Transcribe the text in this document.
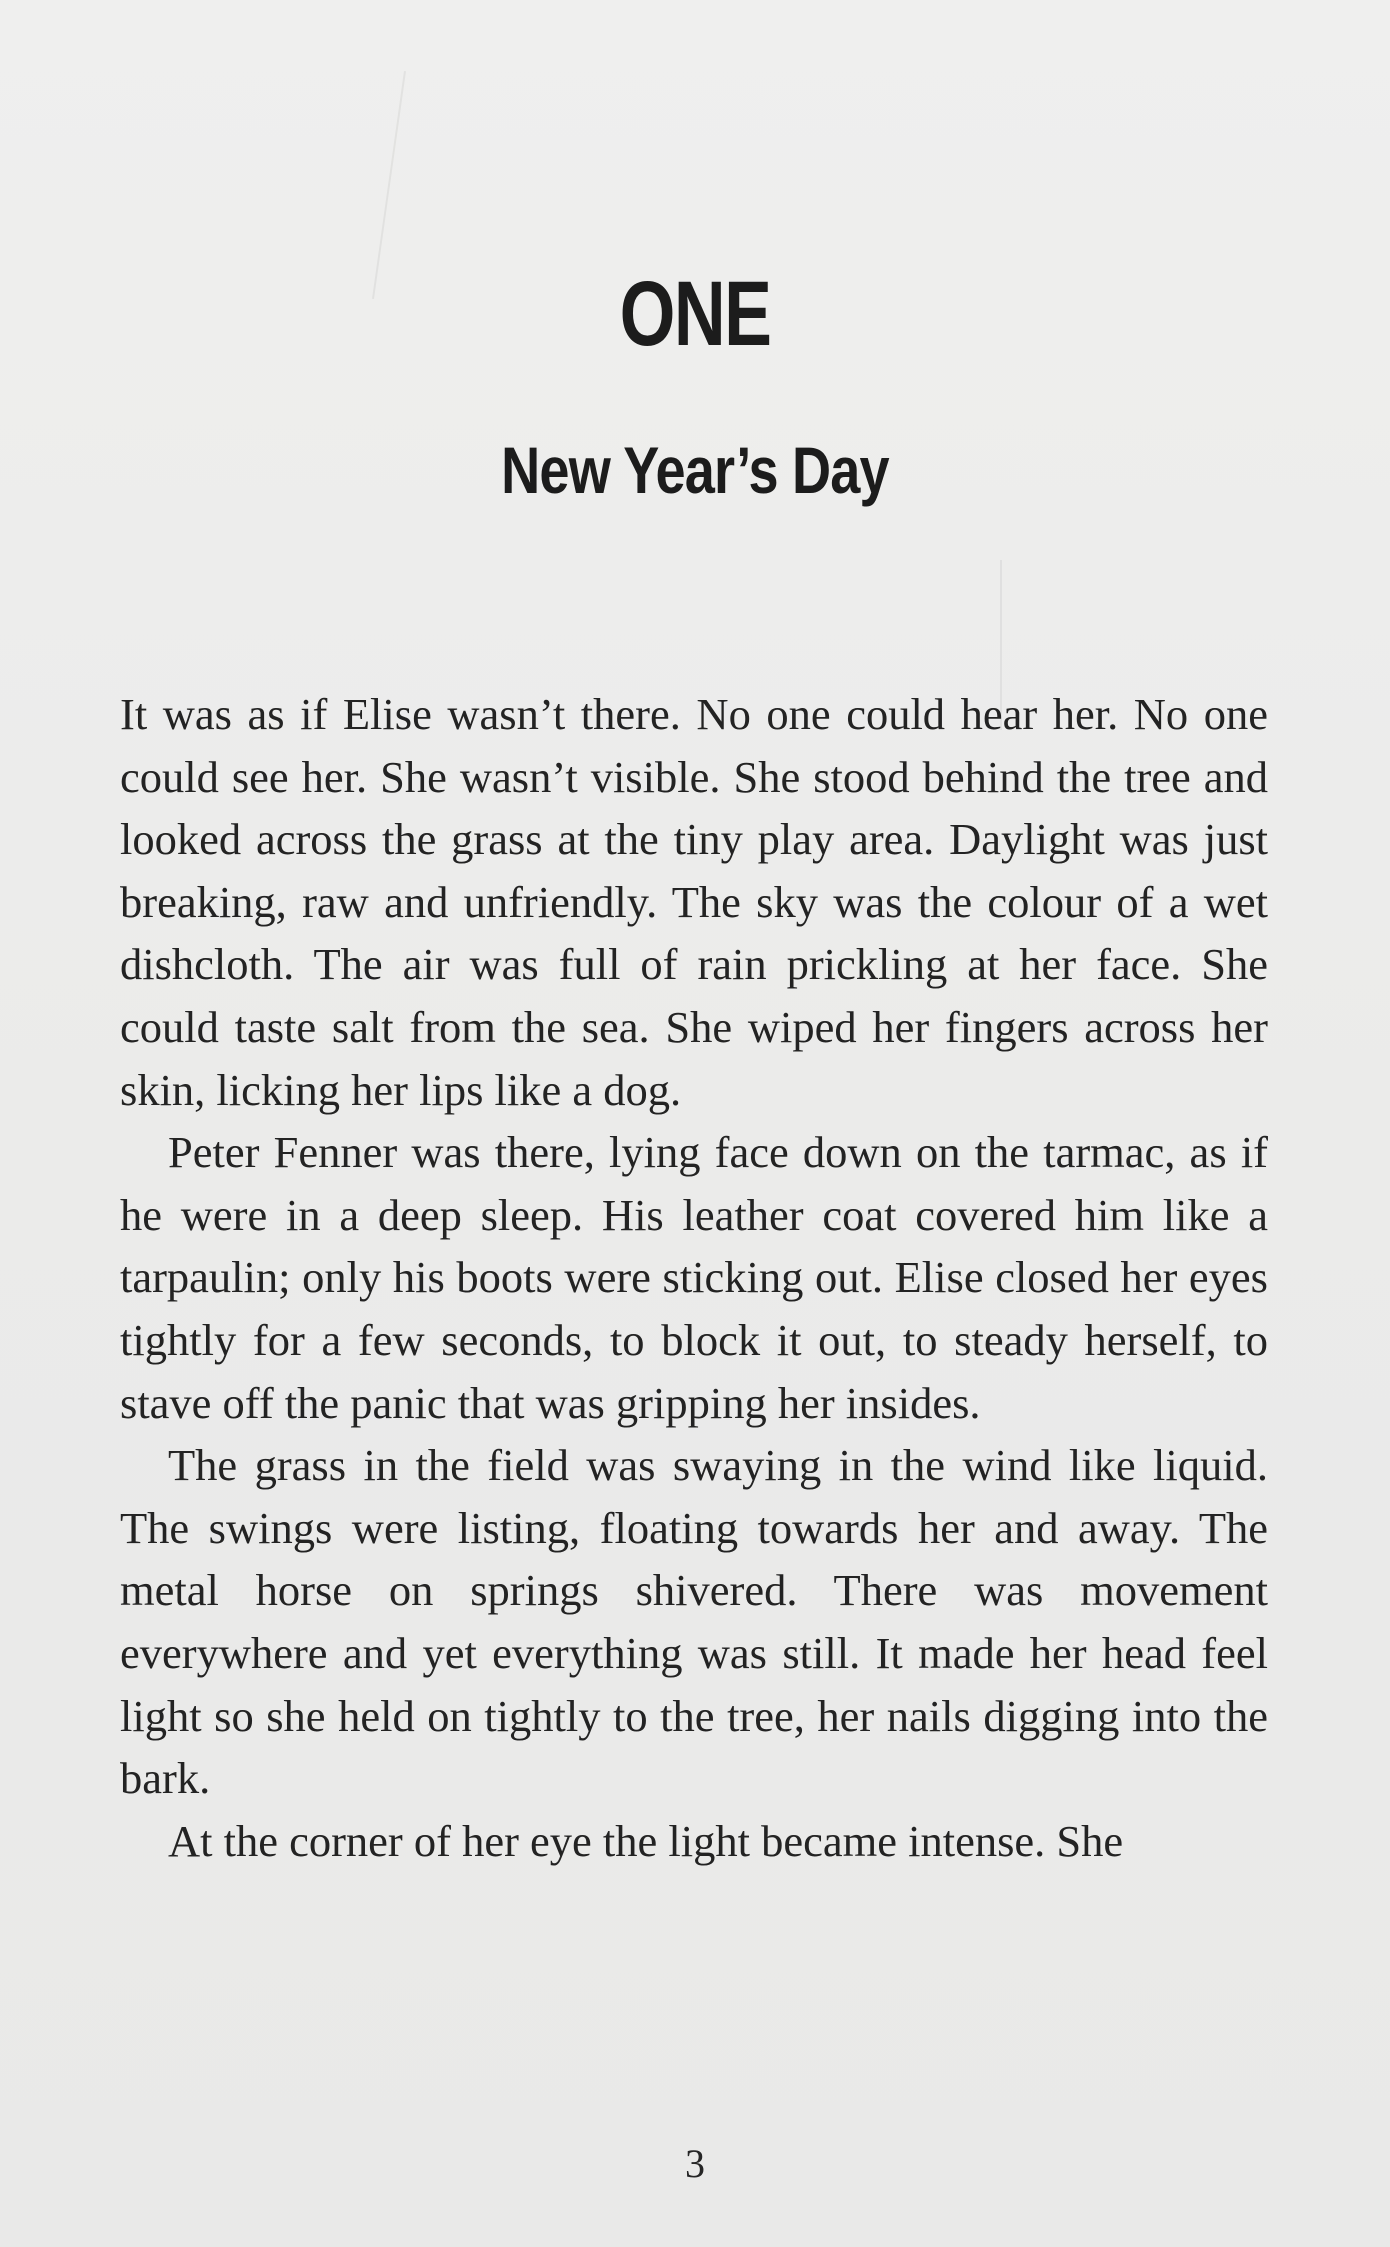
ONE
New Year’s Day

It was as if Elise wasn’t there. No one could hear her. No one could see her. She wasn’t visible. She stood behind the tree and looked across the grass at the tiny play area. Daylight was just breaking, raw and unfriendly. The sky was the colour of a wet dishcloth. The air was full of rain prickling at her face. She could taste salt from the sea. She wiped her fingers across her skin, licking her lips like a dog.

Peter Fenner was there, lying face down on the tarmac, as if he were in a deep sleep. His leather coat covered him like a tarpaulin; only his boots were sticking out. Elise closed her eyes tightly for a few seconds, to block it out, to steady herself, to stave off the panic that was gripping her insides.

The grass in the field was swaying in the wind like liquid. The swings were listing, floating towards her and away. The metal horse on springs shivered. There was movement everywhere and yet everything was still. It made her head feel light so she held on tightly to the tree, her nails digging into the bark.

At the corner of her eye the light became intense. She

3
